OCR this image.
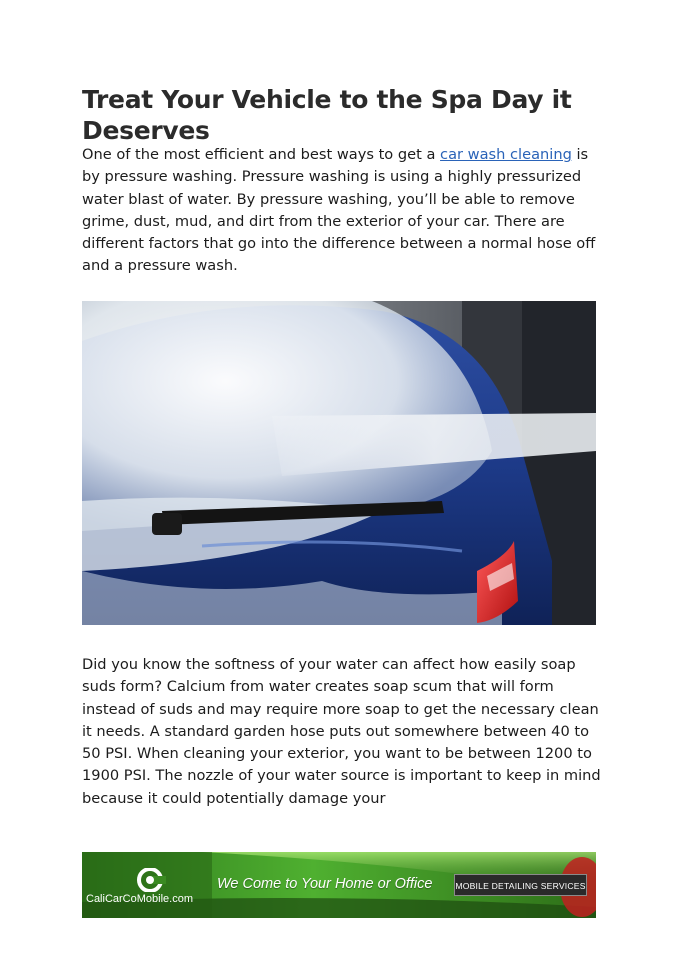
Treat Your Vehicle to the Spa Day it Deserves

One of the most efficient and best ways to get a car wash cleaning is by pressure washing. Pressure washing is using a highly pressurized water blast of water. By pressure washing, you’ll be able to remove grime, dust, mud, and dirt from the exterior of your car. There are different factors that go into the difference between a normal hose off and a pressure wash.

Did you know the softness of your water can affect how easily soap suds form? Calcium from water creates soap scum that will form instead of suds and may require more soap to get the necessary clean it needs. A standard garden hose puts out somewhere between 40 to 50 PSI. When cleaning your exterior, you want to be between 1200 to 1900 PSI. The nozzle of your water source is important to keep in mind because it could potentially damage your

CaliCarCoMobile.com
We Come to Your Home or Office	MOBILE DETAILING SERVICES
